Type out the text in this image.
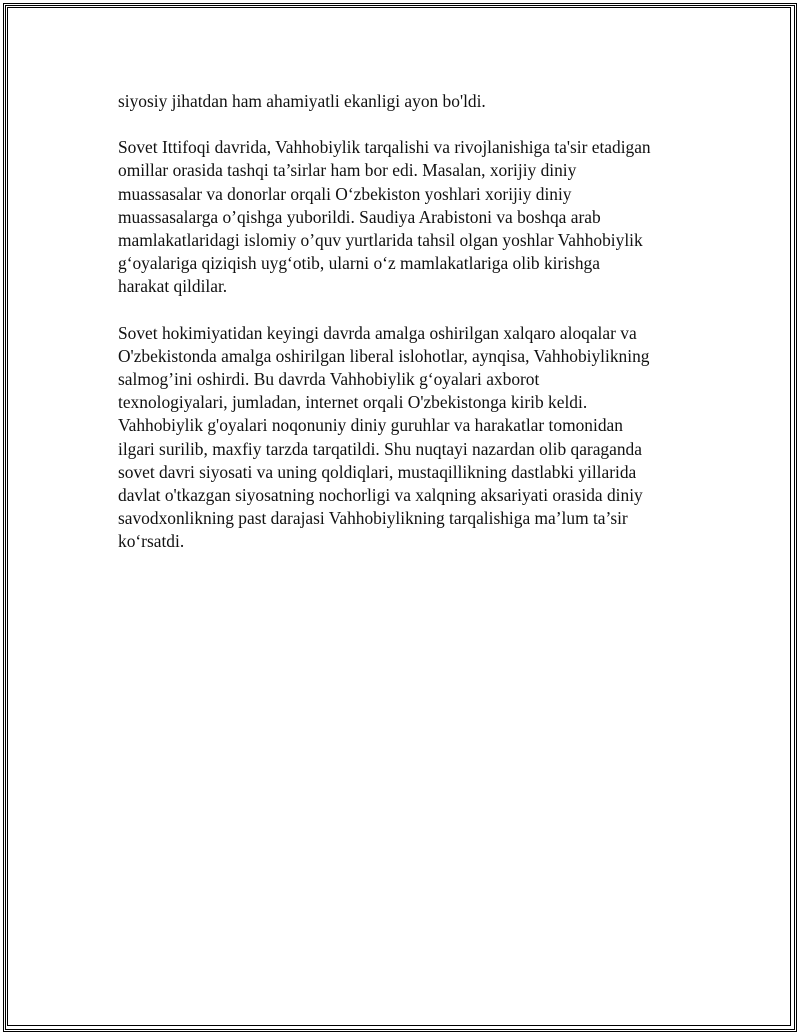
siyosiy jihatdan ham ahamiyatli ekanligi ayon bo'ldi.

Sovet Ittifoqi davrida, Vahhobiylik tarqalishi va rivojlanishiga ta'sir etadigan
omillar orasida tashqi ta’sirlar ham bor edi. Masalan, xorijiy diniy
muassasalar va donorlar orqali O‘zbekiston yoshlari xorijiy diniy
muassasalarga o’qishga yuborildi. Saudiya Arabistoni va boshqa arab
mamlakatlaridagi islomiy o’quv yurtlarida tahsil olgan yoshlar Vahhobiylik
g‘oyalariga qiziqish uyg‘otib, ularni o‘z mamlakatlariga olib kirishga
harakat qildilar.

Sovet hokimiyatidan keyingi davrda amalga oshirilgan xalqaro aloqalar va
O'zbekistonda amalga oshirilgan liberal islohotlar, aynqisa, Vahhobiylikning
salmog’ini oshirdi. Bu davrda Vahhobiylik g‘oyalari axborot
texnologiyalari, jumladan, internet orqali O'zbekistonga kirib keldi.
Vahhobiylik g'oyalari noqonuniy diniy guruhlar va harakatlar tomonidan
ilgari surilib, maxfiy tarzda tarqatildi. Shu nuqtayi nazardan olib qaraganda
sovet davri siyosati va uning qoldiqlari, mustaqillikning dastlabki yillarida
davlat o'tkazgan siyosatning nochorligi va xalqning aksariyati orasida diniy
savodxonlikning past darajasi Vahhobiylikning tarqalishiga ma’lum ta’sir
ko‘rsatdi.
